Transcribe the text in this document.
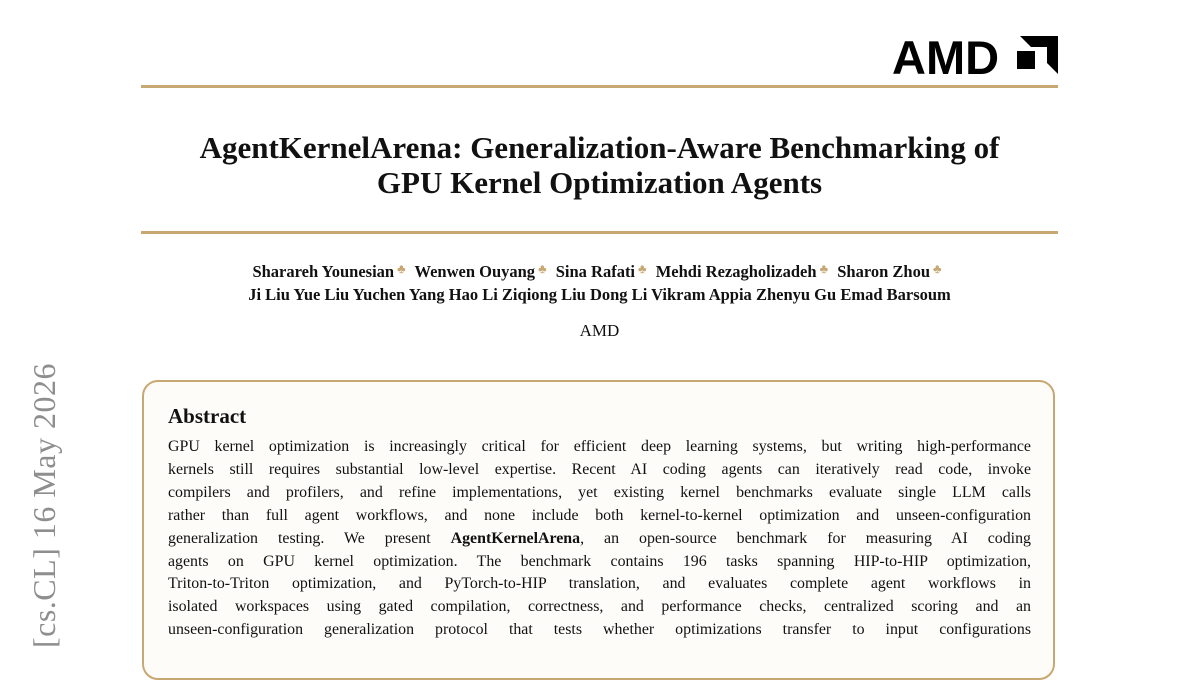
AMD
AgentKernelArena: Generalization-Aware Benchmarking of
GPU Kernel Optimization Agents
Sharareh Younesian ♣ Wenwen Ouyang ♣ Sina Rafati ♣ Mehdi Rezagholizadeh ♣ Sharon Zhou ♣
Ji Liu Yue Liu Yuchen Yang Hao Li Ziqiong Liu Dong Li Vikram Appia Zhenyu Gu Emad Barsoum
AMD
[cs.CL] 16 May 2026	Abstract
GPU kernel optimization is increasingly critical for efficient deep learning systems, but writing high-performance
kernels still requires substantial low-level expertise. Recent AI coding agents can iteratively read code, invoke
compilers and profilers, and refine implementations, yet existing kernel benchmarks evaluate single LLM calls
rather than full agent workflows, and none include both kernel-to-kernel optimization and unseen-configuration
generalization testing. We present AgentKernelArena, an open-source benchmark for measuring AI coding
agents on GPU kernel optimization. The benchmark contains 196 tasks spanning HIP-to-HIP optimization,
Triton-to-Triton optimization, and PyTorch-to-HIP translation, and evaluates complete agent workflows in
isolated workspaces using gated compilation, correctness, and performance checks, centralized scoring and an
unseen-configuration generalization protocol that tests whether optimizations transfer to input configurations
